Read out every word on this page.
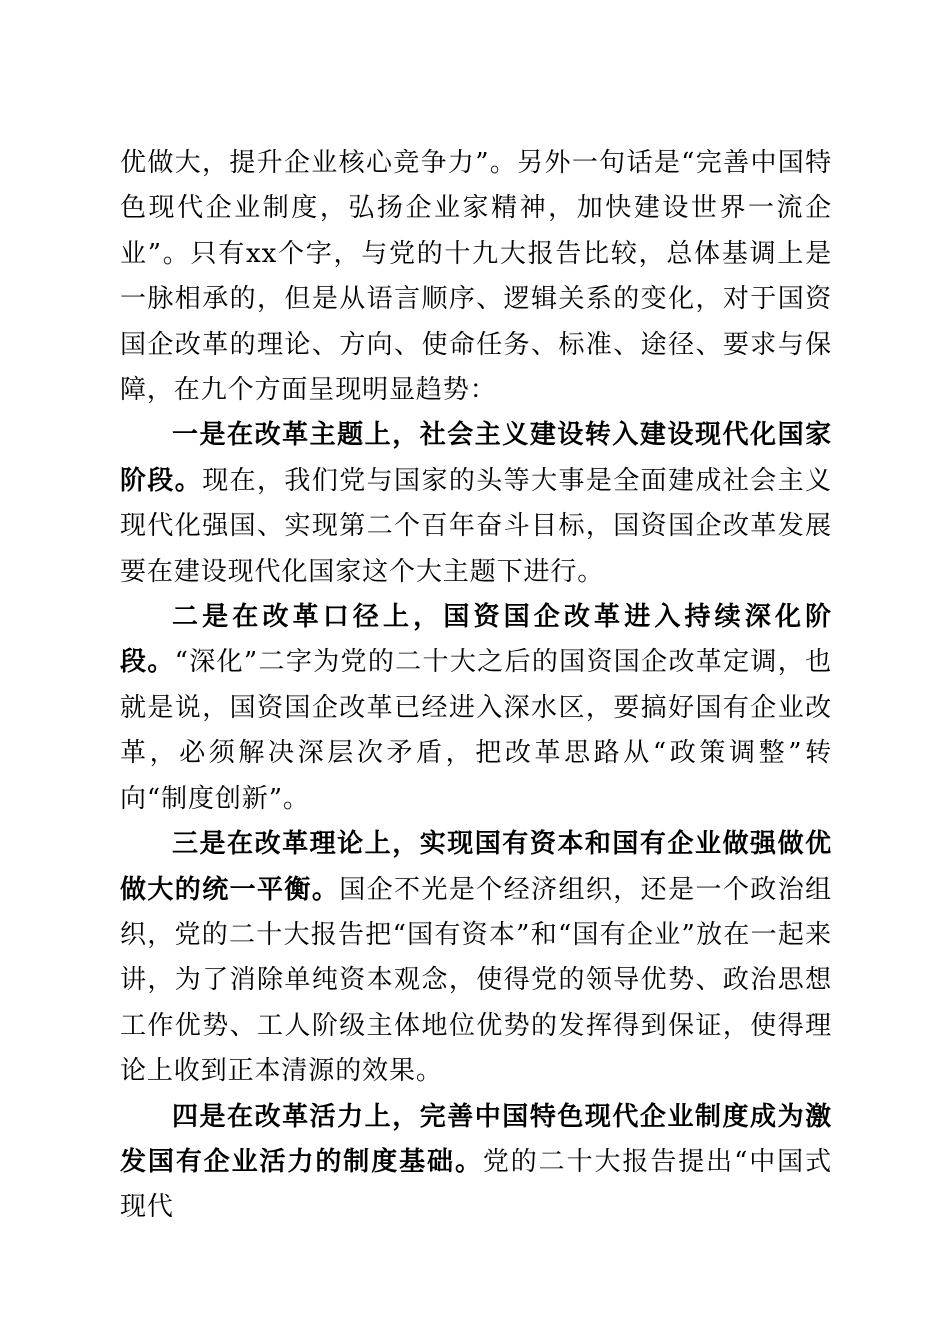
优做大，提升企业核心竞争力”。另外一句话是“完善中国特色现代企业制度，弘扬企业家精神，加快建设世界一流企业”。只有xx个字，与党的十九大报告比较，总体基调上是一脉相承的，但是从语言顺序、逻辑关系的变化，对于国资国企改革的理论、方向、使命任务、标准、途径、要求与保障，在九个方面呈现明显趋势：

一是在改革主题上，社会主义建设转入建设现代化国家阶段。现在，我们党与国家的头等大事是全面建成社会主义现代化强国、实现第二个百年奋斗目标，国资国企改革发展要在建设现代化国家这个大主题下进行。

二是在改革口径上，国资国企改革进入持续深化阶段。“深化”二字为党的二十大之后的国资国企改革定调，也就是说，国资国企改革已经进入深水区，要搞好国有企业改革，必须解决深层次矛盾，把改革思路从“政策调整”转向“制度创新”。

三是在改革理论上，实现国有资本和国有企业做强做优做大的统一平衡。国企不光是个经济组织，还是一个政治组织，党的二十大报告把“国有资本”和“国有企业”放在一起来讲，为了消除单纯资本观念，使得党的领导优势、政治思想工作优势、工人阶级主体地位优势的发挥得到保证，使得理论上收到正本清源的效果。

四是在改革活力上，完善中国特色现代企业制度成为激发国有企业活力的制度基础。党的二十大报告提出“中国式现代
